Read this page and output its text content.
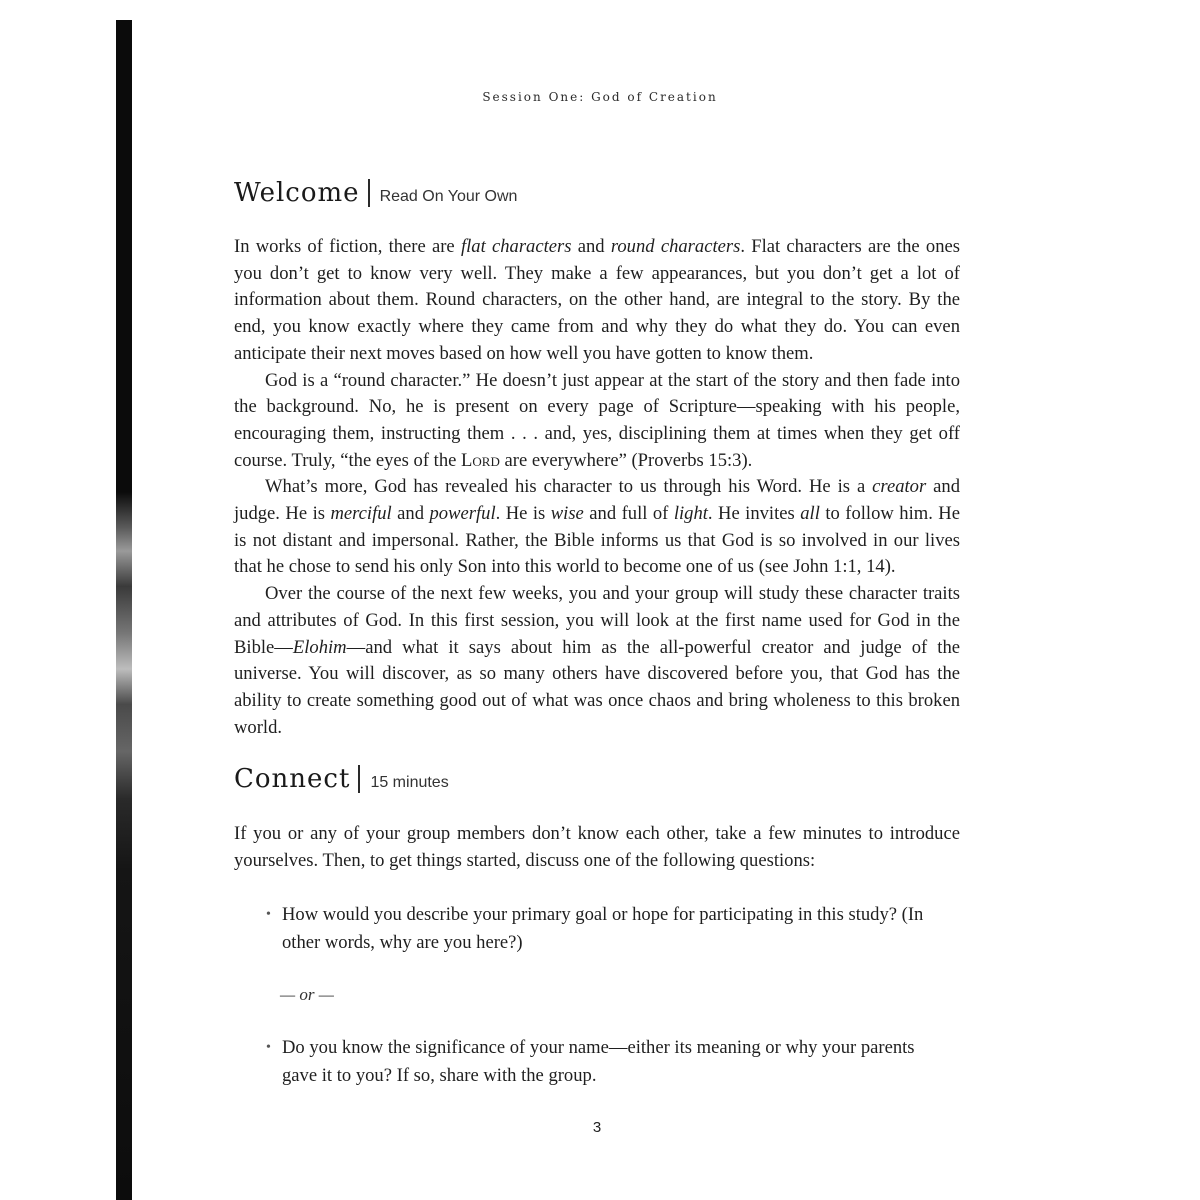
Session One: God of Creation
Welcome Read On Your Own

In works of fiction, there are flat characters and round characters. Flat characters are the ones you don’t get to know very well. They make a few appearances, but you don’t get a lot of information about them. Round characters, on the other hand, are integral to the story. By the end, you know exactly where they came from and why they do what they do. You can even anticipate their next moves based on how well you have gotten to know them.

God is a “round character.” He doesn’t just appear at the start of the story and then fade into the background. No, he is present on every page of Scripture—speaking with his people, encouraging them, instructing them . . . and, yes, disciplining them at times when they get off course. Truly, “the eyes of the Lord are everywhere” (Proverbs 15:3).

What’s more, God has revealed his character to us through his Word. He is a creator and judge. He is merciful and powerful. He is wise and full of light. He invites all to follow him. He is not distant and impersonal. Rather, the Bible informs us that God is so involved in our lives that he chose to send his only Son into this world to become one of us (see John 1:1, 14).

Over the course of the next few weeks, you and your group will study these character traits and attributes of God. In this first session, you will look at the first name used for God in the Bible—Elohim—and what it says about him as the all-powerful creator and judge of the universe. You will discover, as so many others have discovered before you, that God has the ability to create something good out of what was once chaos and bring wholeness to this broken world.

Connect 15 minutes

If you or any of your group members don’t know each other, take a few minutes to introduce yourselves. Then, to get things started, discuss one of the following questions:

• How would you describe your primary goal or hope for participating in this study? (In other words, why are you here?)
— or —
• Do you know the significance of your name—either its meaning or why your parents gave it to you? If so, share with the group.
3
